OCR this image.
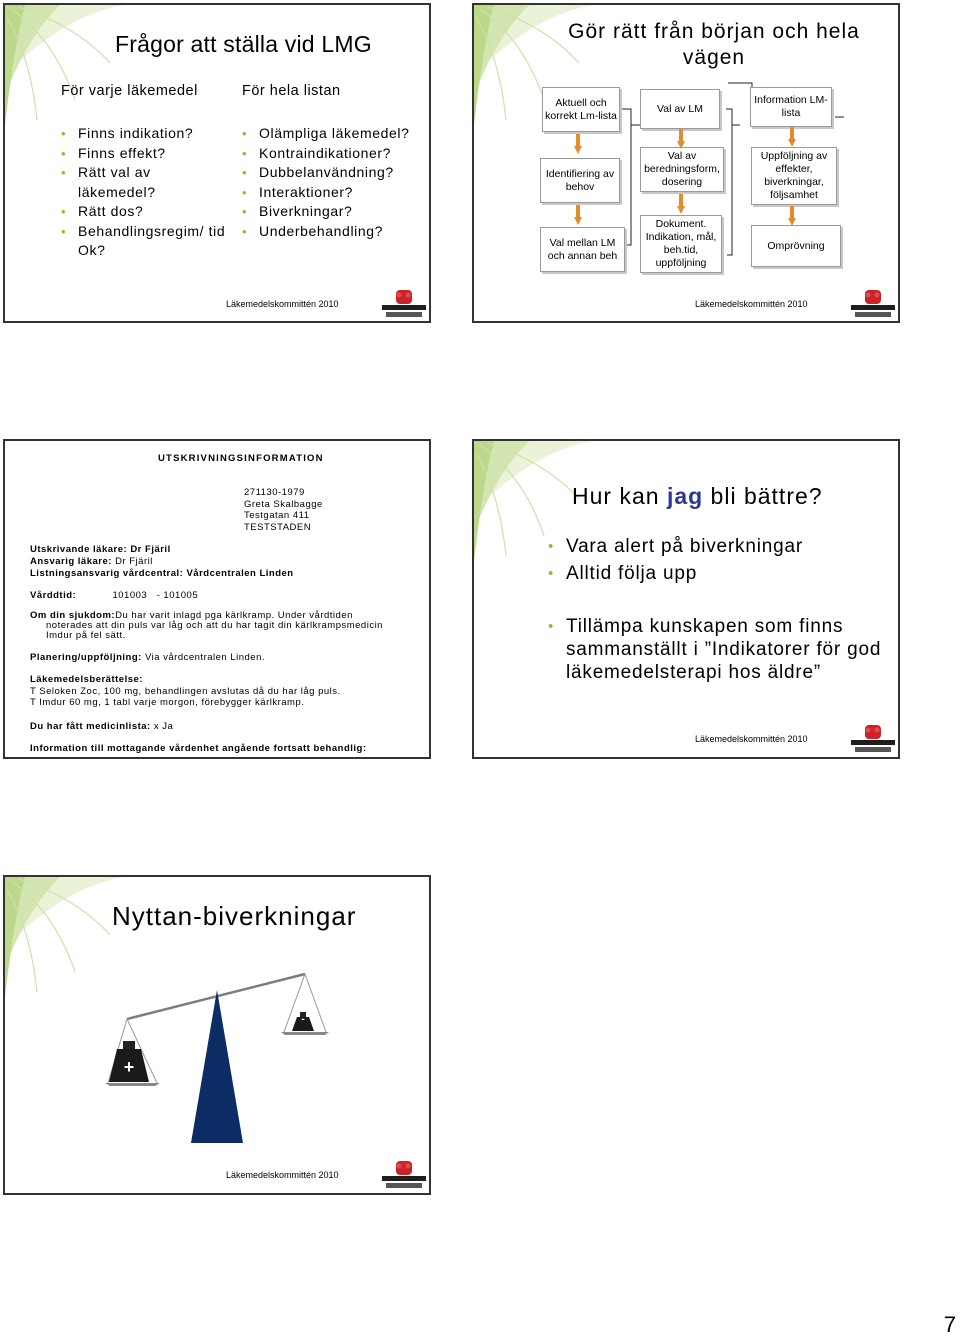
Frågor att ställa vid LMG
För varje läkemedel	För hela listan
• Finns indikation?
• Finns effekt?
• Rätt val av läkemedel?
• Rätt dos?
• Behandlingsregim/ tid Ok?
• Olämpliga läkemedel?
• Kontraindikationer?
• Dubbelanvändning?
• Interaktioner?
• Biverkningar?
• Underbehandling?
Läkemedelskommittén 2010
Gör rätt från början och hela vägen
Aktuell och korrekt Lm-lista
Identifiering av behov
Val mellan LM och annan beh
Val av LM
Val av beredningsform, dosering
Dokument. Indikation, mål, beh.tid, uppföljning
Information LM-lista
Uppföljning av effekter, biverkningar, följsamhet
Omprövning
Läkemedelskommittén 2010
UTSKRIVNINGSINFORMATION
271130-1979
Greta Skalbagge
Testgatan 411
TESTSTADEN
Utskrivande läkare: Dr Fjäril
Ansvarig läkare: Dr Fjäril
Listningsansvarig vårdcentral: Vårdcentralen Linden
Vårddtid:	101003   - 101005
Om din sjukdom:Du har varit inlagd pga kärlkramp. Under vårdtiden
noterades att din puls var låg och att du har tagit din kärlkrampsmedicin
Imdur på fel sätt.
Planering/uppföljning: Via vårdcentralen Linden.
Läkemedelsberättelse:
T Seloken Zoc, 100 mg, behandlingen avslutas då du har låg puls.
T Imdur 60 mg, 1 tabl varje morgon, förebygger kärlkramp.
Du har fått medicinlista: x Ja
Information till mottagande vårdenhet angående fortsatt behandlig:
Hur kan jag bli bättre?
• Vara alert på biverkningar
• Alltid följa upp
• Tillämpa kunskapen som finns sammanställt i ”Indikatorer för god läkemedelsterapi hos äldre”
Läkemedelskommittén 2010
Nyttan-biverkningar
+
-
Läkemedelskommittén 2010
7
